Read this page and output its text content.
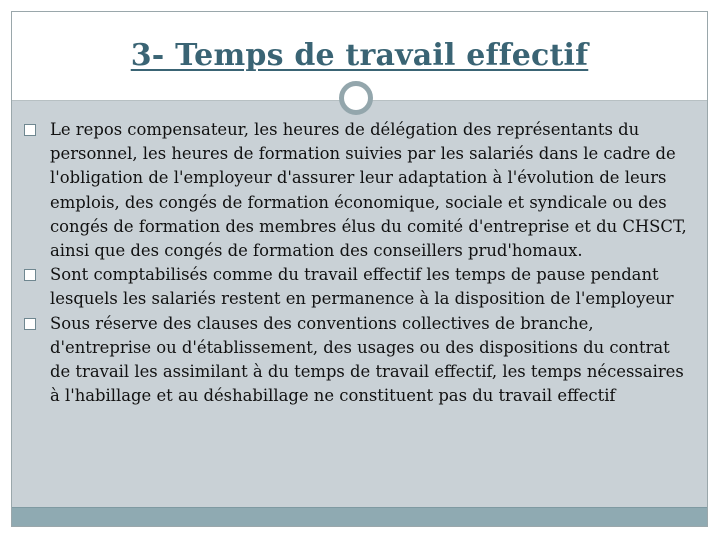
3- Temps de travail effectif
Le repos compensateur, les heures de délégation des représentants du personnel, les heures de formation suivies par les salariés dans le cadre de l'obligation de l'employeur d'assurer leur adaptation à l'évolution de leurs emplois, des congés de formation économique, sociale et syndicale ou des congés de formation des membres élus du comité d'entreprise et du CHSCT, ainsi que des congés de formation des conseillers prud'homaux.
Sont comptabilisés comme du travail effectif les temps de pause pendant lesquels les salariés restent en permanence à la disposition de l'employeur
Sous réserve des clauses des conventions collectives de branche, d'entreprise ou d'établissement, des usages ou des dispositions du contrat de travail les assimilant à du temps de travail effectif, les temps nécessaires à l'habillage et au déshabillage ne constituent pas du travail effectif
